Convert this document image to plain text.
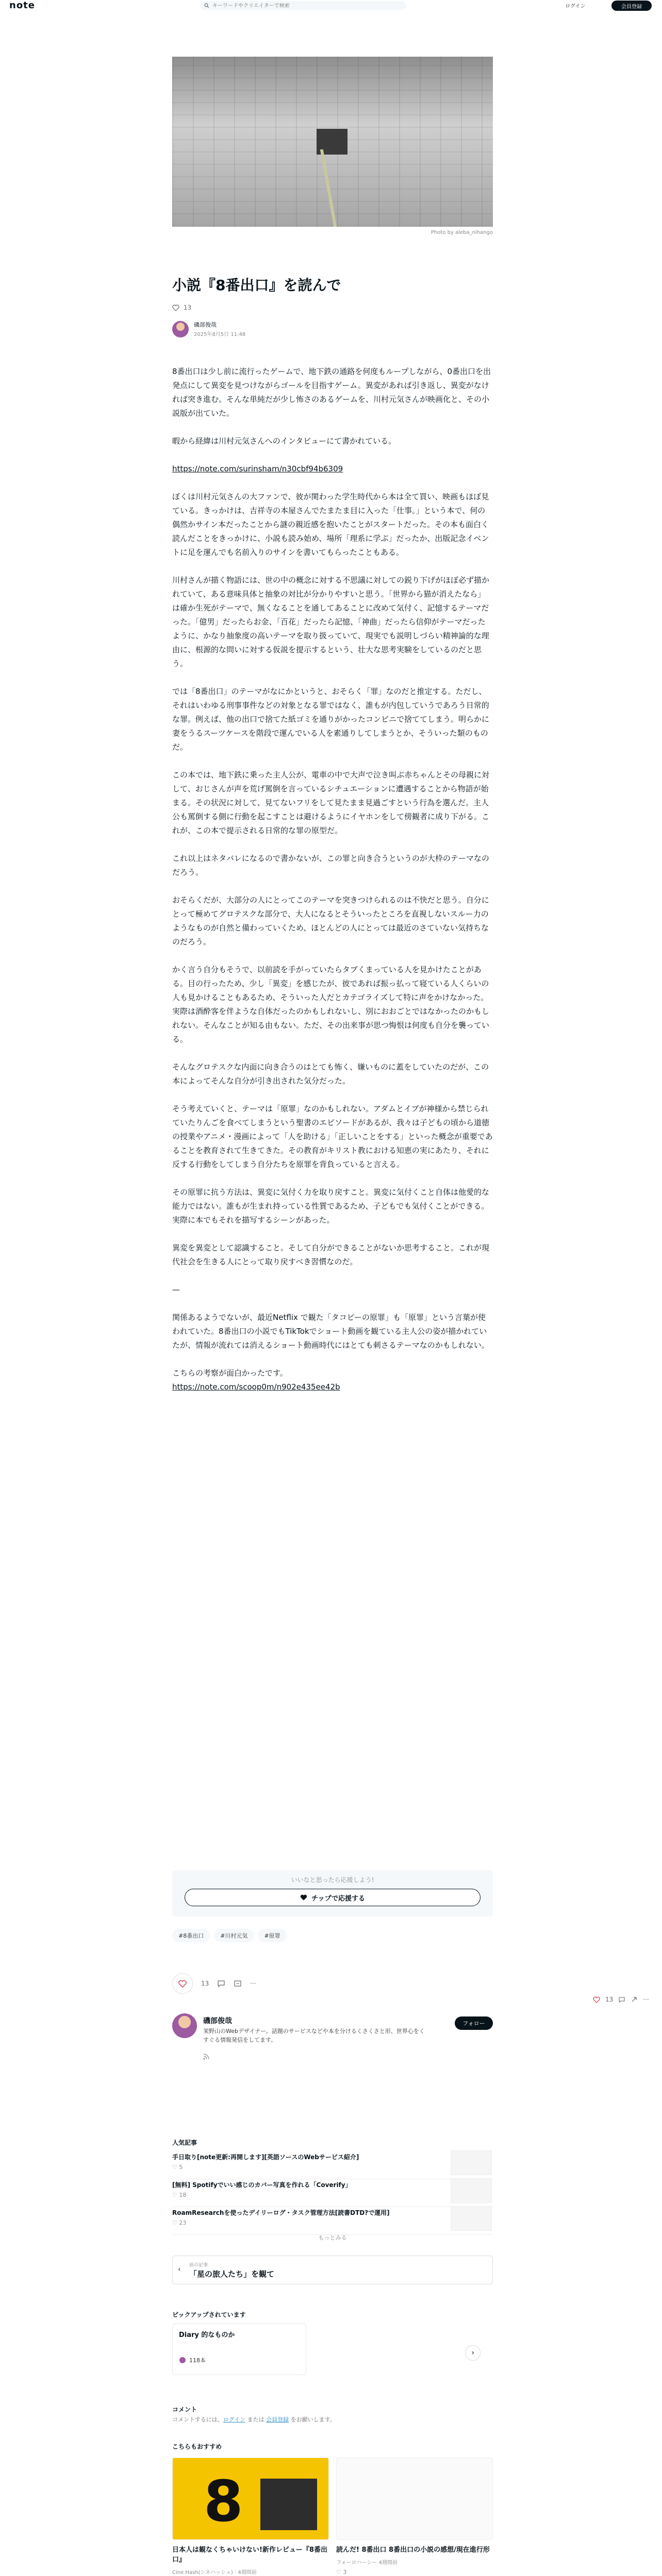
note
キーワードやクリエイターで検索	ログイン	会員登録
Photo by aleba_nihango
小説『8番出口』を読んで
13
磯部俊哉
2025年8月5日 11:48

8番出口は少し前に流行ったゲームで、地下鉄の通路を何度もループしながら、0番出口を出発点にして異変を見つけながらゴールを目指すゲーム。異変があれば引き返し、異変がなければ突き進む。そんな単純だが少し怖さのあるゲームを、川村元気さんが映画化と、その小説版が出ていた。

暇から経緯は川村元気さんへのインタビューにて書かれている。

https://note.com/surinsham/n30cbf94b6309

ぼくは川村元気さんの大ファンで、彼が関わった学生時代から本は全て買い、映画もほぼ見ている。きっかけは、吉祥寺の本屋さんでたまたま目に入った「仕事。」という本で、何の偶然かサイン本だったことから謎の親近感を抱いたことがスタートだった。その本も面白く読んだことをきっかけに、小説も読み始め、場所「理系に学ぶ」だったか、出版記念イベントに足を運んでも名前入りのサインを書いてもらったこともある。

川村さんが描く物語には、世の中の概念に対する不思議に対しての鋭り下げがほぼ必ず描かれていて、ある意味具体と抽象の対比が分かりやすいと思う。「世界から猫が消えたなら」は確か生死がテーマで、無くなることを通してあることに改めて気付く、記憶するテーマだった。「億男」だったらお金、「百花」だったら記憶、「神曲」だったら信仰がテーマだったように、かなり抽象度の高いテーマを取り扱っていて、現実でも説明しづらい精神論的な理由に、根源的な問いに対する仮説を提示するという、壮大な思考実験をしているのだと思う。

では「8番出口」のテーマがなにかというと、おそらく「罪」なのだと推定する。ただし、それはいわゆる刑事事件などの対象となる罪ではなく、誰もが内包していうであろう日常的な罪。例えば、他の出口で捨てた紙ゴミを通りがかったコンビニで捨ててしまう。明らかに妻をうるスーツケースを階段で運んでいる人を素通りしてしまうとか、そういった類のものだ。

この本では、地下鉄に乗った主人公が、電車の中で大声で泣き叫ぶ赤ちゃんとその母親に対して、おじさんが声を荒げ罵倒を言っているシチュエーションに遭遇することから物語が始まる。その状況に対して、見てないフリをして見たまま見過ごすという行為を選んだ。主人公も罵倒する側に行動を起こすことは避けるようにイヤホンをして傍観者に成り下がる。これが、この本で提示される日常的な罪の原型だ。

これ以上はネタバレになるので書かないが、この罪と向き合うというのが大枠のテーマなのだろう。

おそらくだが、大部分の人にとってこのテーマを突きつけられるのは不快だと思う。自分にとって極めてグロテスクな部分で、大人になるとそういったところを直視しないスルー力のようなものが自然と備わっていくため、ほとんどの人にとっては最近のさていない気持ちなのだろう。

かく言う自分もそうで、以前読を手がっていたらタブくまっている人を見かけたことがある。目の行ったため、少し「異変」を感じたが、彼であれば振っ払って寝ている人くらいの人も見かけることもあるため、そういった人だとカテゴライズして特に声をかけなかった。実際は酒酔客を伴ような自体だったのかもしれないし、別におおごとではなかったのかもしれない。そんなことが知る由もない。ただ、その出来事が思つ悔恨は何度も自分を襲っている。

そんなグロテスクな内面に向き合うのはとても怖く、嫌いものに蓋をしていたのだが、この本によってそんな自分が引き出された気分だった。

そう考えていくと、テーマは「原罪」なのかもしれない。アダムとイブが神様から禁じられていたりんごを食べてしまうという聖書のエピソードがあるが、我々は子どもの頃から道徳の授業やアニメ・漫画によって「人を助ける」「正しいことをする」といった概念が重要であることを教育されて生きてきた。その教育がキリスト教における知恵の実にあたり、それに反する行動をしてしまう自分たちを原罪を背負っていると言える。

その原罪に抗う方法は、異変に気付く力を取り戻すこと。異変に気付くこと自体は他愛的な能力ではない。誰もが生まれ持っている性質であるため、子どもでも気付くことができる。実際に本でもそれを描写するシーンがあった。

異変を異変として認識すること。そして自分ができることがないか思考すること。これが現代社会を生きる人にとって取り戻すべき習慣なのだ。

—

関係あるようでないが、最近Netflix で観た「タコピーの原罪」も「原罪」という言葉が使われていた。8番出口の小説でもTikTokでショート動画を観ている主人公の姿が描かれていたが、情報が流れては消えるショート動画時代にはとても刺さるテーマなのかもしれない。

こちらの考察が面白かったです。

https://note.com/scoop0m/n902e435ee42b

いいなと思ったら応援しよう!
チップで応援する
#8番出口	#川村元気	#原罪
13	···
13	···
磯部俊哉
茉野山のWebデザイナー。話題のサービスなどや本を分けるくさくさと形、世界心をくすぐる情報発信をしてます。
フォロー
人気記事
手日取り[note更新:再開します][英語ソースのWebサービス紹介]
♡ 5
[無料] Spotifyでいい感じのカバー写真を作れる「Coverify」
♡ 18
RoamResearchを使ったデイリーログ・タスク管理方法[読書DTD?で運用]
♡ 23
もっとみる
‹ 前の記事
「星の旅人たち」を観て
ピックアップされています
Diary 的なものか
118本
›
コメント
コメントするには、ログイン または 会員登録 をお願いします。
こちらもおすすめ
8
日本人は観なくちゃいけない!新作レビュー『8番出口』
Cine Hash(シネハッシュ) · 4週間前
読んだ! 8番出口 8番出口の小説の感想/現在進行形
フォーロハーシー 4週間前
♡ 3
